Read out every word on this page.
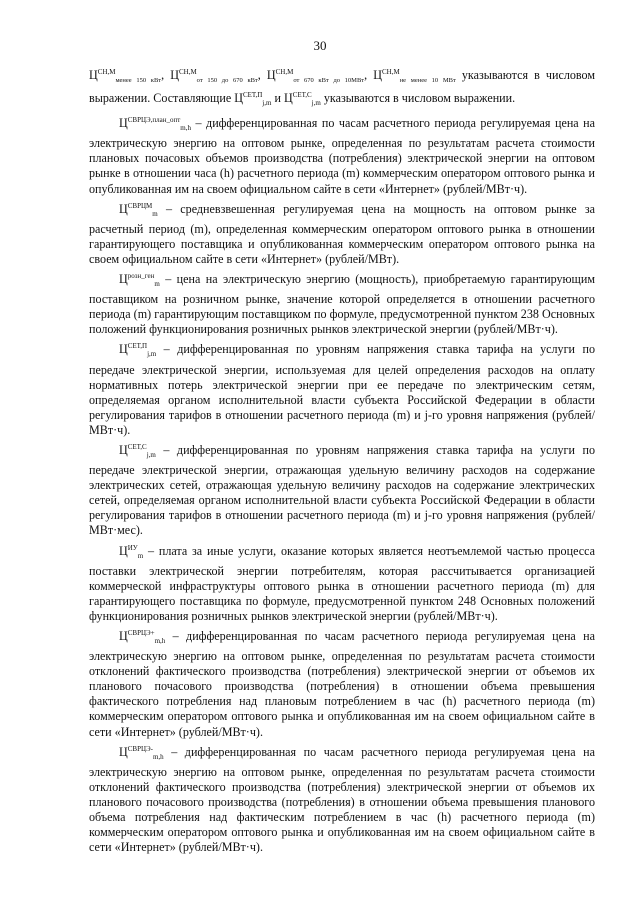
30

$Ц^{СН,М}_{менее 150 кВт}$, $Ц^{СН,М}_{от 150 до 670 кВт}$, $Ц^{СН,М}_{от 670 кВт до 10МВт}$, $Ц^{СН,М}_{не менее 10 МВт}$ указываются в числовом выражении. Составляющие $Ц^{СЕТ,П}_{j,m}$ и $Ц^{СЕТ,С}_{j,m}$ указываются в числовом выражении.

$Ц^{СВРЦЭ,план\_опт}_{m,h}$ – дифференцированная по часам расчетного периода регулируемая цена на электрическую энергию на оптовом рынке, определенная по результатам расчета стоимости плановых почасовых объемов производства (потребления) электрической энергии на оптовом рынке в отношении часа (h) расчетного периода (m) коммерческим оператором оптового рынка и опубликованная им на своем официальном сайте в сети «Интернет» (рублей/МВт·ч).

$Ц^{СВРЦМ}_m$ – средневзвешенная регулируемая цена на мощность на оптовом рынке за расчетный период (m), определенная коммерческим оператором оптового рынка в отношении гарантирующего поставщика и опубликованная коммерческим оператором оптового рынка на своем официальном сайте в сети «Интернет» (рублей/МВт).

$Ц^{розн\_ген}_m$ – цена на электрическую энергию (мощность), приобретаемую гарантирующим поставщиком на розничном рынке, значение которой определяется в отношении расчетного периода (m) гарантирующим поставщиком по формуле, предусмотренной пунктом 238 Основных положений функционирования розничных рынков электрической энергии (рублей/МВт·ч).

$Ц^{СЕТ,П}_{j,m}$ – дифференцированная по уровням напряжения ставка тарифа на услуги по передаче электрической энергии, используемая для целей определения расходов на оплату нормативных потерь электрической энергии при ее передаче по электрическим сетям, определяемая органом исполнительной власти субъекта Российской Федерации в области регулирования тарифов в отношении расчетного периода (m) и j-го уровня напряжения (рублей/МВт·ч).

$Ц^{СЕТ,С}_{j,m}$ – дифференцированная по уровням напряжения ставка тарифа на услуги по передаче электрической энергии, отражающая удельную величину расходов на содержание электрических сетей, отражающая удельную величину расходов на содержание электрических сетей, определяемая органом исполнительной власти субъекта Российской Федерации в области регулирования тарифов в отношении расчетного периода (m) и j-го уровня напряжения (рублей/МВт·мес).

$Ц^{ИУ}_m$ – плата за иные услуги, оказание которых является неотъемлемой частью процесса поставки электрической энергии потребителям, которая рассчитывается организацией коммерческой инфраструктуры оптового рынка в отношении расчетного периода (m) для гарантирующего поставщика по формуле, предусмотренной пунктом 248 Основных положений функционирования розничных рынков электрической энергии (рублей/МВт·ч).

$Ц^{СВРЦЭ+}_{m,h}$ – дифференцированная по часам расчетного периода регулируемая цена на электрическую энергию на оптовом рынке, определенная по результатам расчета стоимости отклонений фактического производства (потребления) электрической энергии от объемов их планового почасового производства (потребления) в отношении объема превышения фактического потребления над плановым потреблением в час (h) расчетного периода (m) коммерческим оператором оптового рынка и опубликованная им на своем официальном сайте в сети «Интернет» (рублей/МВт·ч).

$Ц^{СВРЦЭ-}_{m,h}$ – дифференцированная по часам расчетного периода регулируемая цена на электрическую энергию на оптовом рынке, определенная по результатам расчета стоимости отклонений фактического производства (потребления) электрической энергии от объемов их планового почасового производства (потребления) в отношении объема превышения планового объема потребления над фактическим потреблением в час (h) расчетного периода (m) коммерческим оператором оптового рынка и опубликованная им на своем официальном сайте в сети «Интернет» (рублей/МВт·ч).
